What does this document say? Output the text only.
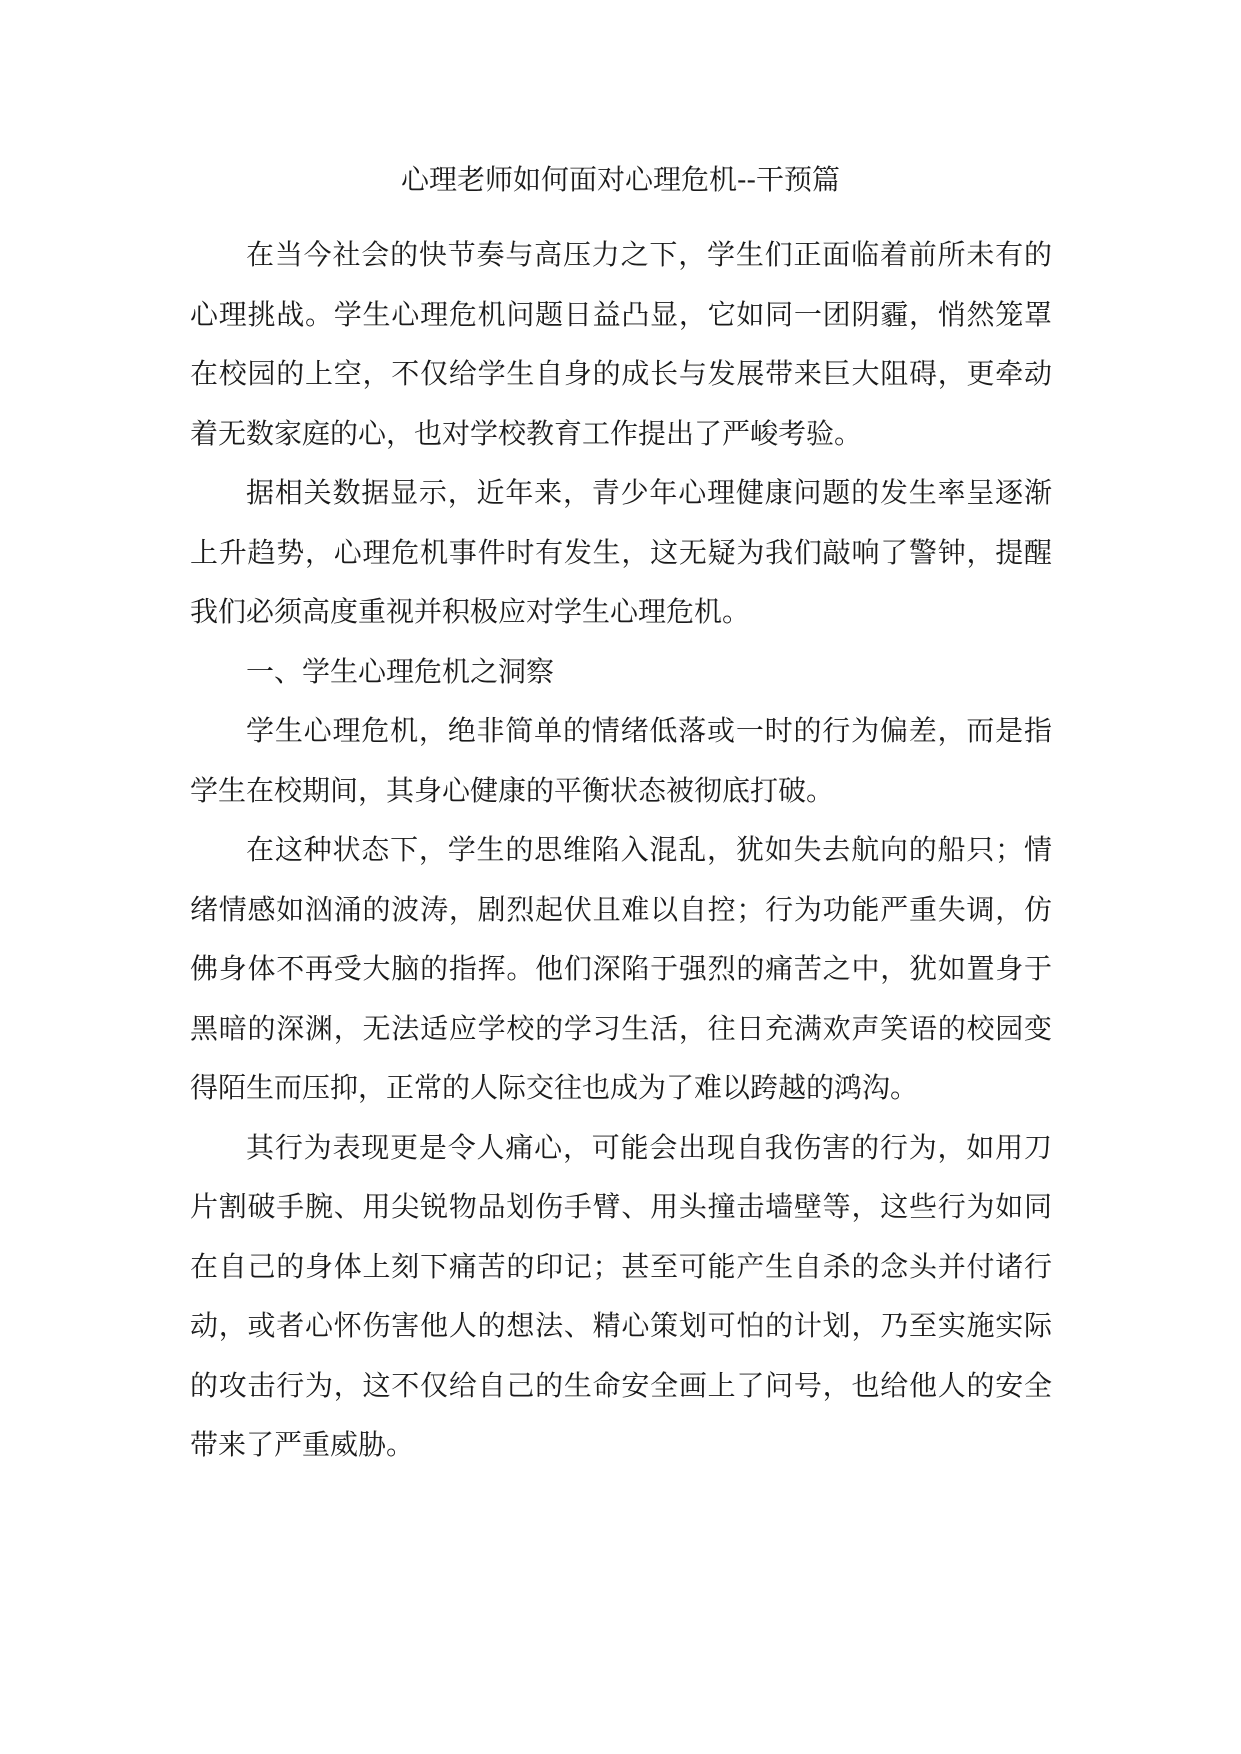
心理老师如何面对心理危机--干预篇

在当今社会的快节奏与高压力之下，学生们正面临着前所未有的心理挑战。学生心理危机问题日益凸显，它如同一团阴霾，悄然笼罩在校园的上空，不仅给学生自身的成长与发展带来巨大阻碍，更牵动着无数家庭的心，也对学校教育工作提出了严峻考验。

据相关数据显示，近年来，青少年心理健康问题的发生率呈逐渐上升趋势，心理危机事件时有发生，这无疑为我们敲响了警钟，提醒我们必须高度重视并积极应对学生心理危机。

一、学生心理危机之洞察

学生心理危机，绝非简单的情绪低落或一时的行为偏差，而是指学生在校期间，其身心健康的平衡状态被彻底打破。

在这种状态下，学生的思维陷入混乱，犹如失去航向的船只；情绪情感如汹涌的波涛，剧烈起伏且难以自控；行为功能严重失调，仿佛身体不再受大脑的指挥。他们深陷于强烈的痛苦之中，犹如置身于黑暗的深渊，无法适应学校的学习生活，往日充满欢声笑语的校园变得陌生而压抑，正常的人际交往也成为了难以跨越的鸿沟。

其行为表现更是令人痛心，可能会出现自我伤害的行为，如用刀片割破手腕、用尖锐物品划伤手臂、用头撞击墙壁等，这些行为如同在自己的身体上刻下痛苦的印记；甚至可能产生自杀的念头并付诸行动，或者心怀伤害他人的想法、精心策划可怕的计划，乃至实施实际的攻击行为，这不仅给自己的生命安全画上了问号，也给他人的安全带来了严重威胁。
